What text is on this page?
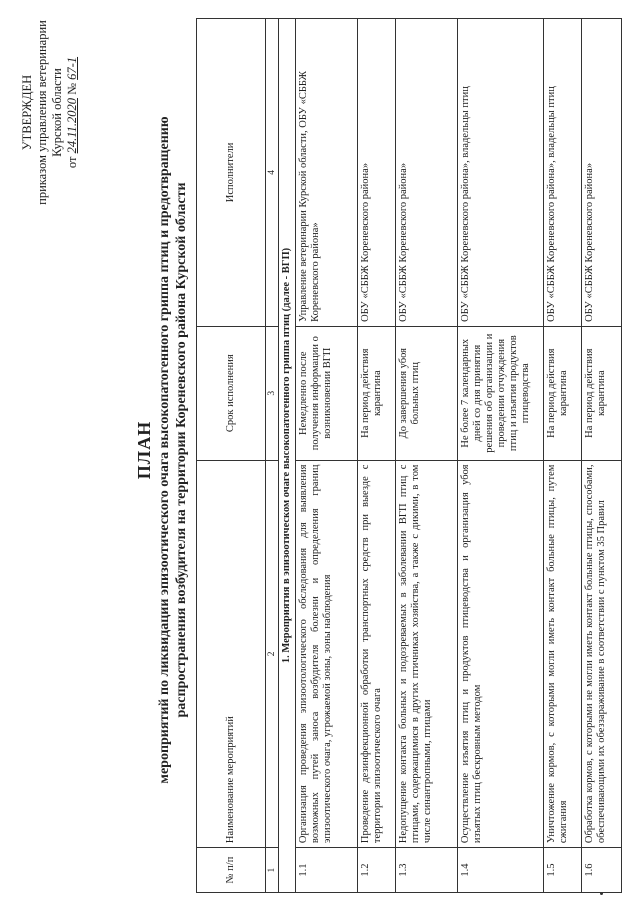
УТВЕРЖДЕН приказом управления ветеринарии Курской области
от 24.11.2020 № 67-1
ПЛАН мероприятий по ликвидации эпизоотического очага высокопатогенного гриппа птиц и предотвращению распространения возбудителя на территории Кореневского района Курской области
№ п/п	Наименование мероприятий	Срок исполнения	Исполнители
1	2	3	4
1. Мероприятия в эпизоотическом очаге высокопатогенного гриппа птиц (далее - ВГП)			
1.1	Организация проведения эпизоотологического обследования для выявления возможных путей заноса возбудителя болезни и определения границ эпизоотического очага, угрожаемой зоны, зоны наблюдения	Немедленно после получения информации о возникновении ВГП	Управление ветеринарии Курской области, ОБУ «СББЖ Кореневского района»
1.2	Проведение дезинфекционной обработки транспортных средств при выезде с территории эпизоотического очага	На период действия карантина	ОБУ «СББЖ Кореневского района»
1.3	Недопущение контакта больных и подозреваемых в заболевании ВГП птиц с птицами, содержащимися в других птичниках хозяйства, а также с дикими, в том числе синантропными, птицами	До завершения убоя больных птиц	ОБУ «СББЖ Кореневского района»
1.4	Осуществление изъятия птиц и продуктов птицеводства и организация убоя изъятых птиц бескровным методом	Не более 7 календарных дней со дня принятия решения об организации и проведении отчуждения птиц и изъятия продуктов птицеводства	ОБУ «СББЖ Кореневского района», владельцы птиц
1.5	Уничтожение кормов, с которыми могли иметь контакт больные птицы, путем сжигания	На период действия карантина	ОБУ «СББЖ Кореневского района», владельцы птиц
1.6	Обработка кормов, с которыми не могли иметь контакт больные птицы, способами, обеспечивающими их обеззараживание в соответствии с пунктом 35 Правил	На период действия карантина	ОБУ «СББЖ Кореневского района»
